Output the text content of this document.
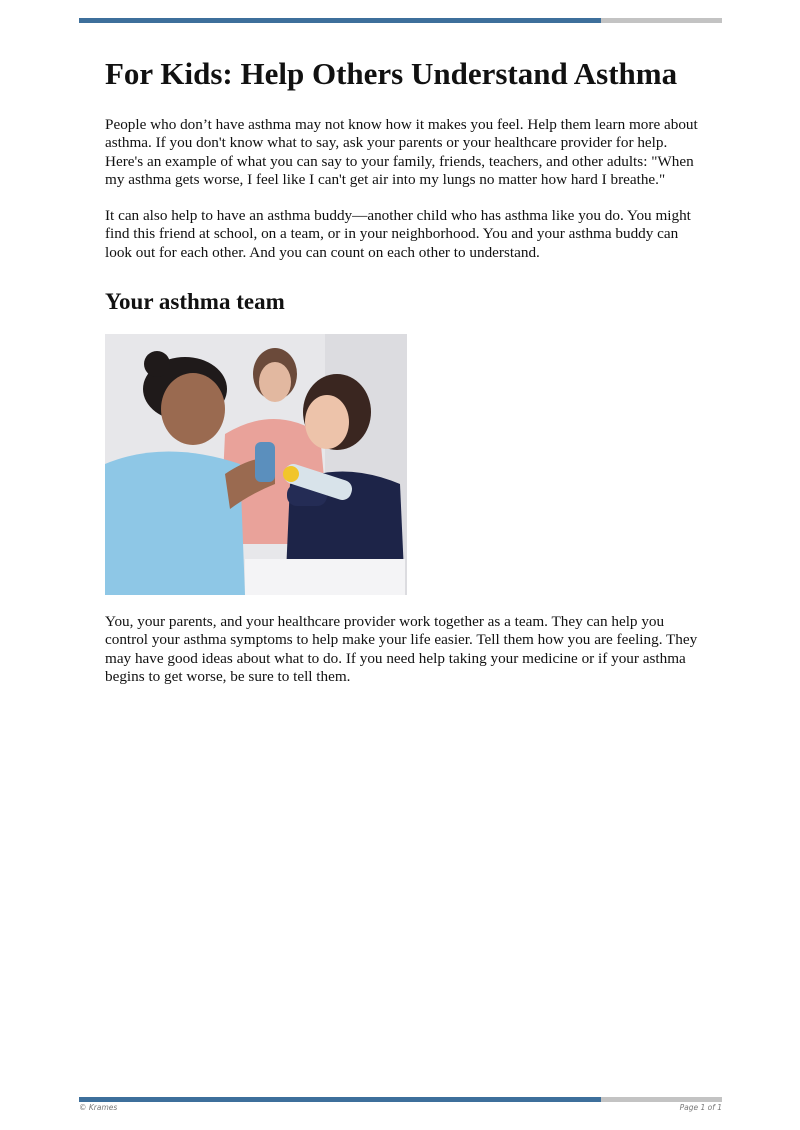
For Kids: Help Others Understand Asthma

People who don’t have asthma may not know how it makes you feel. Help them learn more about asthma. If you don't know what to say, ask your parents or your healthcare provider for help. Here's an example of what you can say to your family, friends, teachers, and other adults: "When my asthma gets worse, I feel like I can't get air into my lungs no matter how hard I breathe."

It can also help to have an asthma buddy—another child who has asthma like you do. You might find this friend at school, on a team, or in your neighborhood. You and your asthma buddy can look out for each other. And you can count on each other to understand.

Your asthma team

You, your parents, and your healthcare provider work together as a team. They can help you control your asthma symptoms to help make your life easier. Tell them how you are feeling. They may have good ideas about what to do. If you need help taking your medicine or if your asthma begins to get worse, be sure to tell them.

© Krames	Page 1 of 1
